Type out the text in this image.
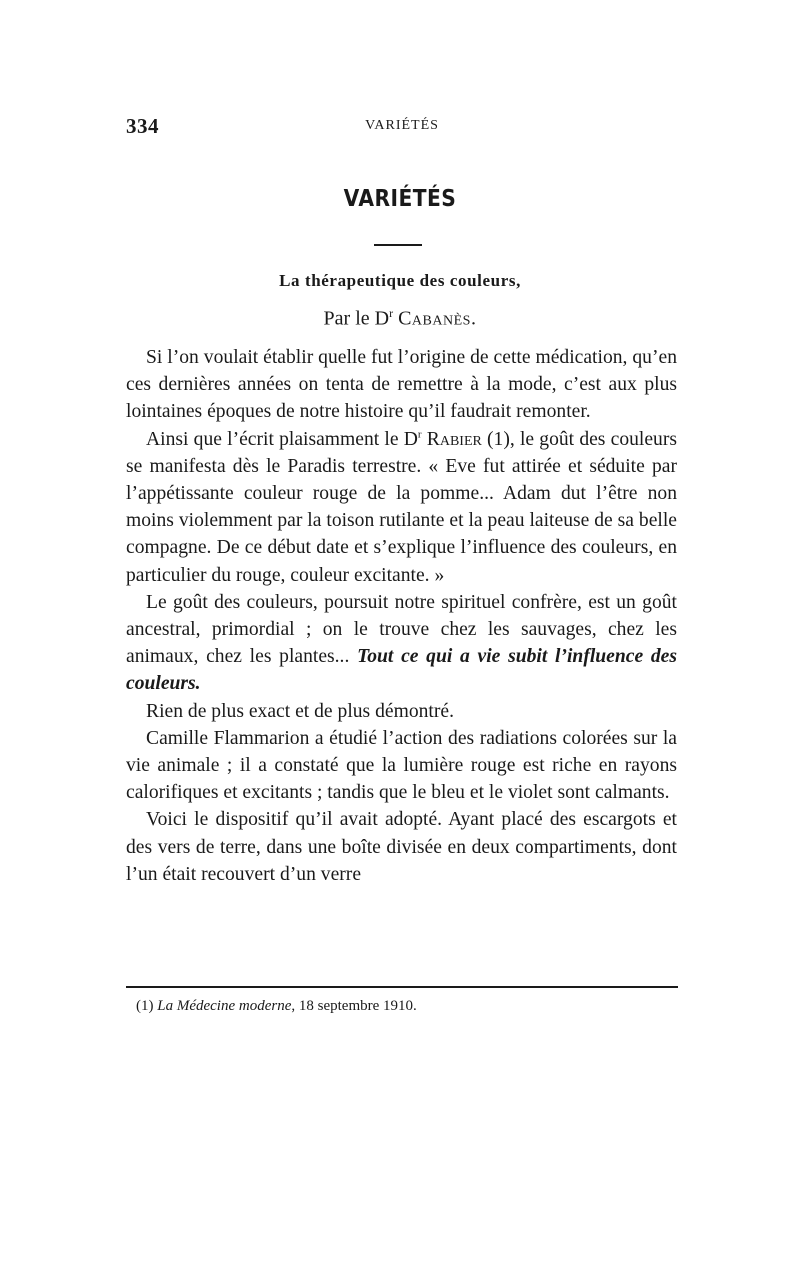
334	VARIÉTÉS
VARIÉTÉS
La thérapeutique des couleurs,
Par le $D^r$ Cabanès.

Si l’on voulait établir quelle fut l’origine de cette médication, qu’en ces dernières années on tenta de remettre à la mode, c’est aux plus lointaines époques de notre histoire qu’il faudrait remonter.

Ainsi que l’écrit plaisamment le $D^r$ Rabier (1), le goût des couleurs se manifesta dès le Paradis terrestre. « Eve fut attirée et séduite par l’appétissante couleur rouge de la pomme... Adam dut l’être non moins violemment par la toison rutilante et la peau laiteuse de sa belle compagne. De ce début date et s’explique l’influence des couleurs, en particulier du rouge, couleur excitante. »

Le goût des couleurs, poursuit notre spirituel confrère, est un goût ancestral, primordial ; on le trouve chez les sauvages, chez les animaux, chez les plantes... Tout ce qui a vie subit l’influence des couleurs.

Rien de plus exact et de plus démontré.

Camille Flammarion a étudié l’action des radiations colorées sur la vie animale ; il a constaté que la lumière rouge est riche en rayons calorifiques et excitants ; tandis que le bleu et le violet sont calmants.

Voici le dispositif qu’il avait adopté. Ayant placé des escargots et des vers de terre, dans une boîte divisée en deux compartiments, dont l’un était recouvert d’un verre

(1) La Médecine moderne, 18 septembre 1910.
